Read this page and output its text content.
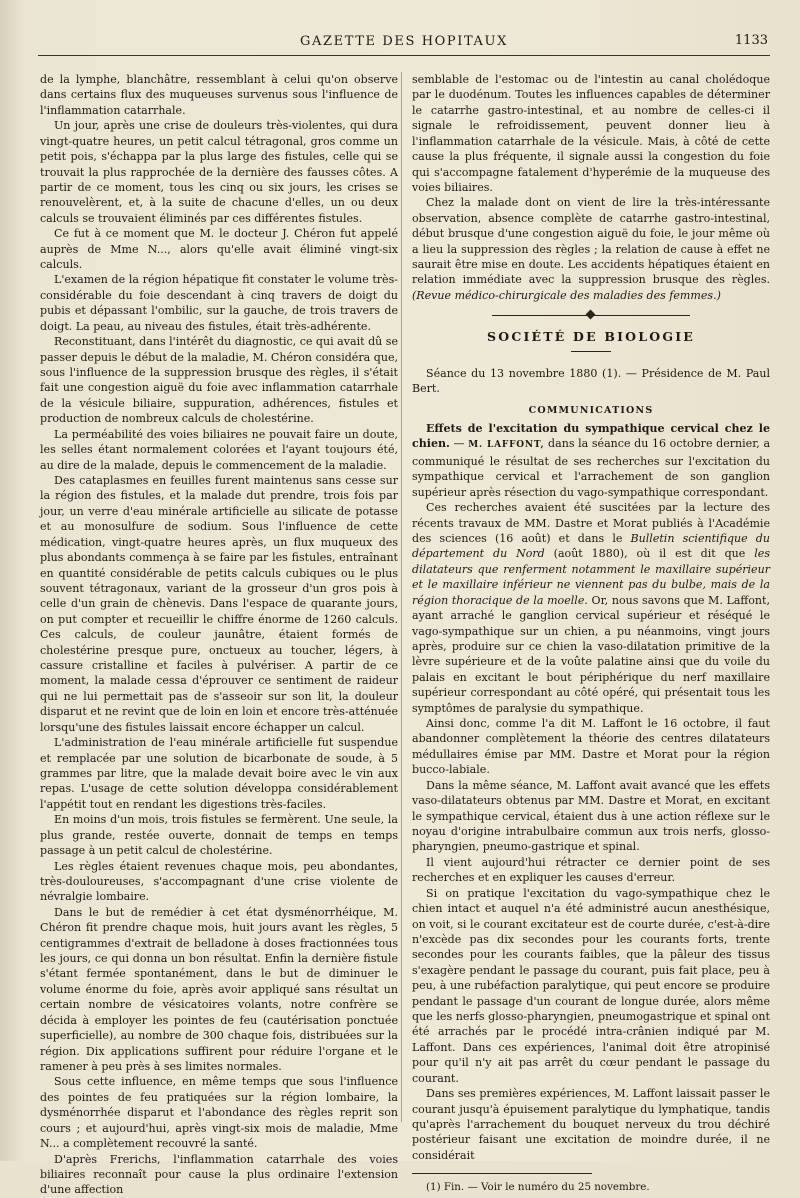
GAZETTE DES HOPITAUX	1133

de la lymphe, blanchâtre, ressemblant à celui qu'on observe dans certains flux des muqueuses survenus sous l'influence de l'inflammation catarrhale.

Un jour, après une crise de douleurs très-violentes, qui dura vingt-quatre heures, un petit calcul tétragonal, gros comme un petit pois, s'échappa par la plus large des fistules, celle qui se trouvait la plus rapprochée de la dernière des fausses côtes. A partir de ce moment, tous les cinq ou six jours, les crises se renouvelèrent, et, à la suite de chacune d'elles, un ou deux calculs se trouvaient éliminés par ces différentes fistules.

Ce fut à ce moment que M. le docteur J. Chéron fut appelé auprès de Mme N..., alors qu'elle avait éliminé vingt-six calculs.

L'examen de la région hépatique fit constater le volume très-considérable du foie descendant à cinq travers de doigt du pubis et dépassant l'ombilic, sur la gauche, de trois travers de doigt. La peau, au niveau des fistules, était très-adhérente.

Reconstituant, dans l'intérêt du diagnostic, ce qui avait dû se passer depuis le début de la maladie, M. Chéron considéra que, sous l'influence de la suppression brusque des règles, il s'était fait une congestion aiguë du foie avec inflammation catarrhale de la vésicule biliaire, suppuration, adhérences, fistules et production de nombreux calculs de cholestérine.

La perméabilité des voies biliaires ne pouvait faire un doute, les selles étant normalement colorées et l'ayant toujours été, au dire de la malade, depuis le commencement de la maladie.

Des cataplasmes en feuilles furent maintenus sans cesse sur la région des fistules, et la malade dut prendre, trois fois par jour, un verre d'eau minérale artificielle au silicate de potasse et au monosulfure de sodium. Sous l'influence de cette médication, vingt-quatre heures après, un flux muqueux des plus abondants commença à se faire par les fistules, entraînant en quantité considérable de petits calculs cubiques ou le plus souvent tétragonaux, variant de la grosseur d'un gros pois à celle d'un grain de chènevis. Dans l'espace de quarante jours, on put compter et recueillir le chiffre énorme de 1260 calculs. Ces calculs, de couleur jaunâtre, étaient formés de cholestérine presque pure, onctueux au toucher, légers, à cassure cristalline et faciles à pulvériser. A partir de ce moment, la malade cessa d'éprouver ce sentiment de raideur qui ne lui permettait pas de s'asseoir sur son lit, la douleur disparut et ne revint que de loin en loin et encore très-atténuée lorsqu'une des fistules laissait encore échapper un calcul.

L'administration de l'eau minérale artificielle fut suspendue et remplacée par une solution de bicarbonate de soude, à 5 grammes par litre, que la malade devait boire avec le vin aux repas. L'usage de cette solution développa considérablement l'appétit tout en rendant les digestions très-faciles.

En moins d'un mois, trois fistules se fermèrent. Une seule, la plus grande, restée ouverte, donnait de temps en temps passage à un petit calcul de cholestérine.

Les règles étaient revenues chaque mois, peu abondantes, très-douloureuses, s'accompagnant d'une crise violente de névralgie lombaire.

Dans le but de remédier à cet état dysménorrhéique, M. Chéron fit prendre chaque mois, huit jours avant les règles, 5 centigrammes d'extrait de belladone à doses fractionnées tous les jours, ce qui donna un bon résultat. Enfin la dernière fistule s'étant fermée spontanément, dans le but de diminuer le volume énorme du foie, après avoir appliqué sans résultat un certain nombre de vésicatoires volants, notre confrère se décida à employer les pointes de feu (cautérisation ponctuée superficielle), au nombre de 300 chaque fois, distribuées sur la région. Dix applications suffirent pour réduire l'organe et le ramener à peu près à ses limites normales.

Sous cette influence, en même temps que sous l'influence des pointes de feu pratiquées sur la région lombaire, la dysménorrhée disparut et l'abondance des règles reprit son cours ; et aujourd'hui, après vingt-six mois de maladie, Mme N... a complètement recouvré la santé.

D'après Frerichs, l'inflammation catarrhale des voies biliaires reconnaît pour cause la plus ordinaire l'extension d'une affection

semblable de l'estomac ou de l'intestin au canal cholédoque par le duodénum. Toutes les influences capables de déterminer le catarrhe gastro-intestinal, et au nombre de celles-ci il signale le refroidissement, peuvent donner lieu à l'inflammation catarrhale de la vésicule. Mais, à côté de cette cause la plus fréquente, il signale aussi la congestion du foie qui s'accompagne fatalement d'hyperémie de la muqueuse des voies biliaires.

Chez la malade dont on vient de lire la très-intéressante observation, absence complète de catarrhe gastro-intestinal, début brusque d'une congestion aiguë du foie, le jour même où a lieu la suppression des règles ; la relation de cause à effet ne saurait être mise en doute. Les accidents hépatiques étaient en relation immédiate avec la suppression brusque des règles. (Revue médico-chirurgicale des maladies des femmes.)

SOCIÉTÉ DE BIOLOGIE

Séance du 13 novembre 1880 (1). — Présidence de M. Paul Bert.

COMMUNICATIONS

Effets de l'excitation du sympathique cervical chez le chien. — M. LAFFONT, dans la séance du 16 octobre dernier, a communiqué le résultat de ses recherches sur l'excitation du sympathique cervical et l'arrachement de son ganglion supérieur après résection du vago-sympathique correspondant.

Ces recherches avaient été suscitées par la lecture des récents travaux de MM. Dastre et Morat publiés à l'Académie des sciences (16 août) et dans le Bulletin scientifique du département du Nord (août 1880), où il est dit que les dilatateurs que renferment notamment le maxillaire supérieur et le maxillaire inférieur ne viennent pas du bulbe, mais de la région thoracique de la moelle. Or, nous savons que M. Laffont, ayant arraché le ganglion cervical supérieur et réséqué le vago-sympathique sur un chien, a pu néanmoins, vingt jours après, produire sur ce chien la vaso-dilatation primitive de la lèvre supérieure et de la voûte palatine ainsi que du voile du palais en excitant le bout périphérique du nerf maxillaire supérieur correspondant au côté opéré, qui présentait tous les symptômes de paralysie du sympathique.

Ainsi donc, comme l'a dit M. Laffont le 16 octobre, il faut abandonner complètement la théorie des centres dilatateurs médullaires émise par MM. Dastre et Morat pour la région bucco-labiale.

Dans la même séance, M. Laffont avait avancé que les effets vaso-dilatateurs obtenus par MM. Dastre et Morat, en excitant le sympathique cervical, étaient dus à une action réflexe sur le noyau d'origine intrabulbaire commun aux trois nerfs, glosso-pharyngien, pneumo-gastrique et spinal.

Il vient aujourd'hui rétracter ce dernier point de ses recherches et en expliquer les causes d'erreur.

Si on pratique l'excitation du vago-sympathique chez le chien intact et auquel n'a été administré aucun anesthésique, on voit, si le courant excitateur est de courte durée, c'est-à-dire n'excède pas dix secondes pour les courants forts, trente secondes pour les courants faibles, que la pâleur des tissus s'exagère pendant le passage du courant, puis fait place, peu à peu, à une rubéfaction paralytique, qui peut encore se produire pendant le passage d'un courant de longue durée, alors même que les nerfs glosso-pharyngien, pneumogastrique et spinal ont été arrachés par le procédé intra-crânien indiqué par M. Laffont. Dans ces expériences, l'animal doit être atropinisé pour qu'il n'y ait pas arrêt du cœur pendant le passage du courant.

Dans ses premières expériences, M. Laffont laissait passer le courant jusqu'à épuisement paralytique du lymphatique, tandis qu'après l'arrachement du bouquet nerveux du trou déchiré postérieur faisant une excitation de moindre durée, il ne considérait

(1) Fin. — Voir le numéro du 25 novembre.
